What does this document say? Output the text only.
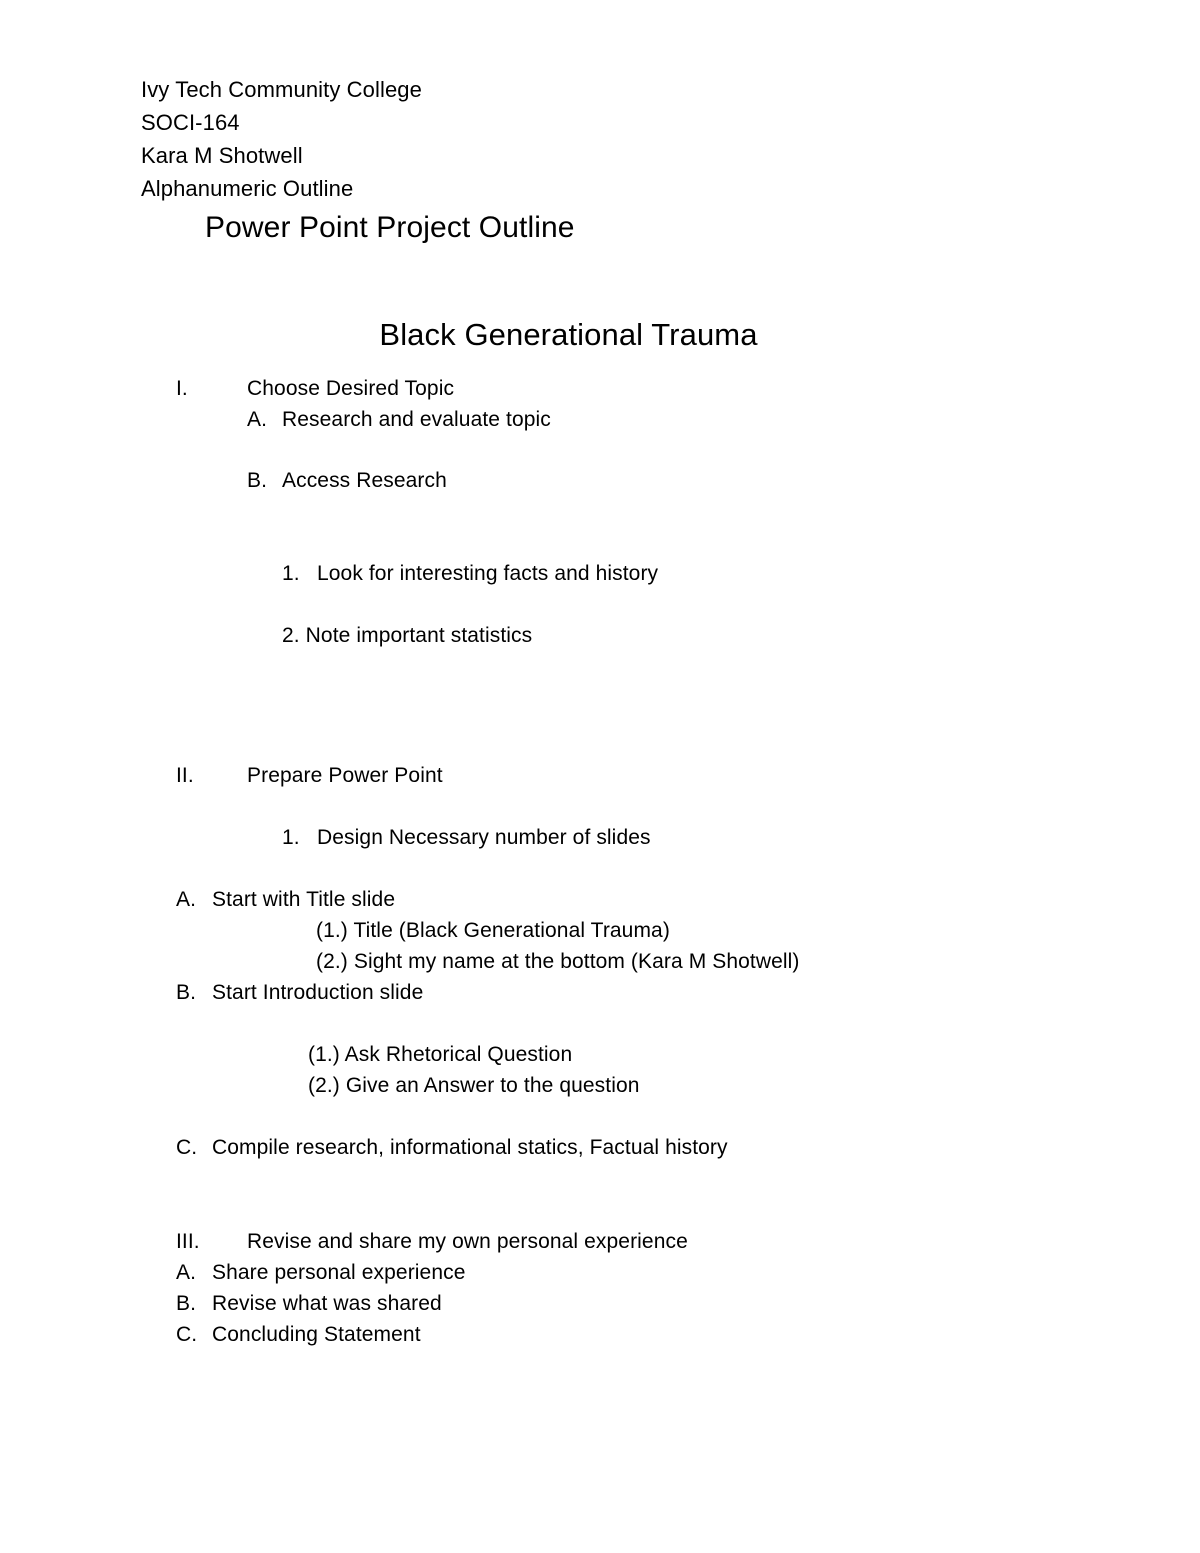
Ivy Tech Community College
SOCI-164
Kara M Shotwell
Alphanumeric Outline
Power Point Project Outline
Black Generational Trauma
I.	Choose Desired Topic
A. Research and evaluate topic
B. Access Research
1. Look for interesting facts and history
2. Note important statistics
II.	Prepare Power Point
1. Design Necessary number of slides
A. Start with Title slide
(1.) Title (Black Generational Trauma)
(2.) Sight my name at the bottom (Kara M Shotwell)
B. Start Introduction slide
(1.) Ask Rhetorical Question
(2.) Give an Answer to the question
C. Compile research, informational statics, Factual history
III. Revise and share my own personal experience
A. Share personal experience
B. Revise what was shared
C. Concluding Statement
